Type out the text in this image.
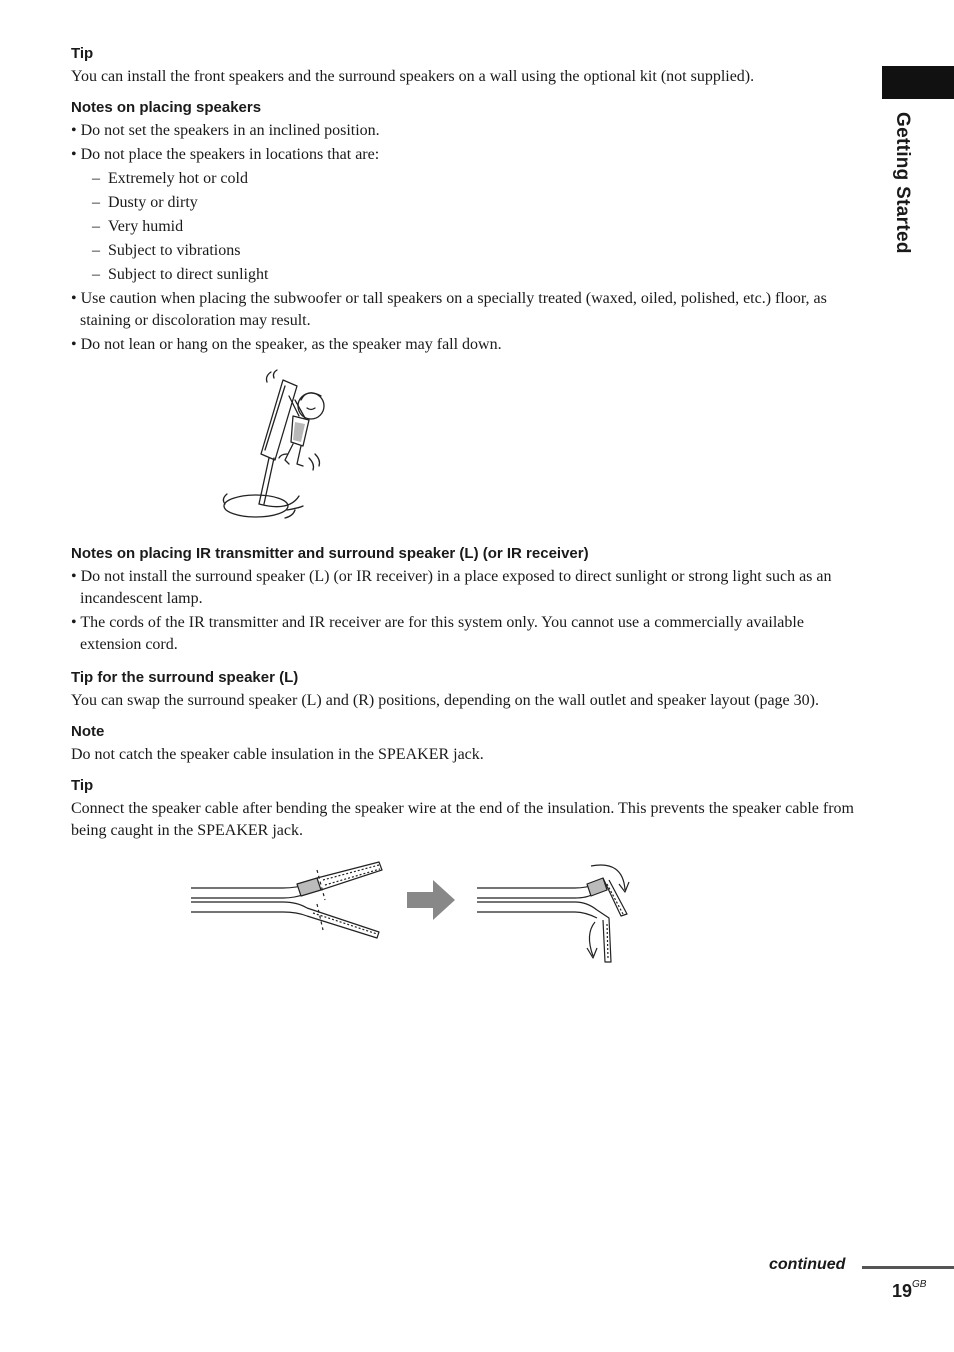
Tip

You can install the front speakers and the surround speakers on a wall using the optional kit (not supplied).

Notes on placing speakers

• Do not set the speakers in an inclined position.
• Do not place the speakers in locations that are:
– Extremely hot or cold
– Dusty or dirty
– Very humid
– Subject to vibrations
– Subject to direct sunlight
• Use caution when placing the subwoofer or tall speakers on a specially treated (waxed, oiled, polished, etc.) floor, as staining or discoloration may result.
• Do not lean or hang on the speaker, as the speaker may fall down.

Notes on placing IR transmitter and surround speaker (L) (or IR receiver)

• Do not install the surround speaker (L) (or IR receiver) in a place exposed to direct sunlight or strong light such as an incandescent lamp.
• The cords of the IR transmitter and IR receiver are for this system only. You cannot use a commercially available extension cord.

Tip for the surround speaker (L)

You can swap the surround speaker (L) and (R) positions, depending on the wall outlet and speaker layout (page 30).

Note

Do not catch the speaker cable insulation in the SPEAKER jack.

Tip

Connect the speaker cable after bending the speaker wire at the end of the insulation. This prevents the speaker cable from being caught in the SPEAKER jack.

Getting Started
continued
$19^{GB}$
